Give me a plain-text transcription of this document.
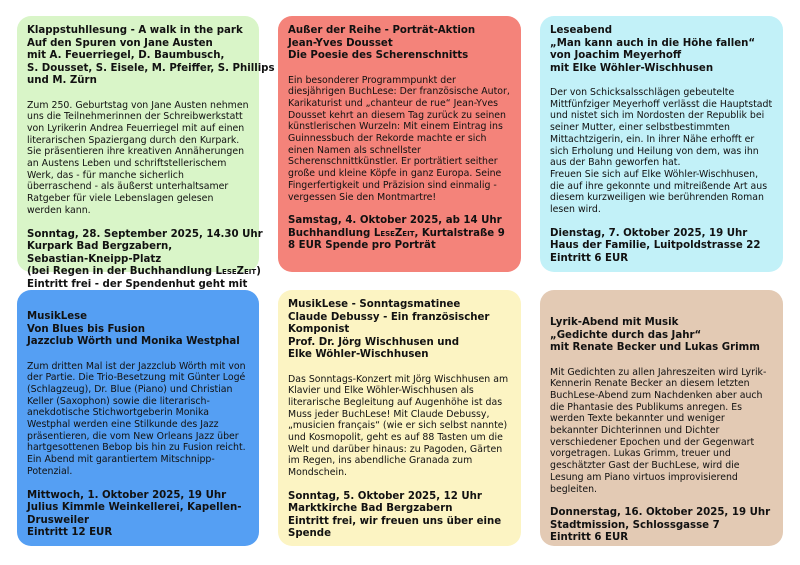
Klappstuhllesung - A walk in the park
Auf den Spuren von Jane Austen
mit A. Feuerriegel, D. Baumbusch,
S. Dousset, S. Eisele, M. Pfeiffer, S. Phillips
und M. Zürn
Zum 250. Geburtstag von Jane Austen nehmen uns die Teilnehmerinnen der Schreibwerkstatt von Lyrikerin Andrea Feuerriegel mit auf einen literarischen Spaziergang durch den Kurpark. Sie präsentieren ihre kreativen Annäherungen an Austens Leben und schriftstellerischem Werk, das - für manche sicherlich überraschend - als äußerst unterhaltsamer Ratgeber für viele Lebenslagen gelesen werden kann.
Sonntag, 28. September 2025, 14.30 Uhr
Kurpark Bad Bergzabern,
Sebastian-Kneipp-Platz
(bei Regen in der Buchhandlung LeseZeit)
Eintritt frei - der Spendenhut geht mit
Außer der Reihe - Porträt-Aktion
Jean-Yves Dousset
Die Poesie des Scherenschnitts
Ein besonderer Programmpunkt der diesjährigen BuchLese: Der französische Autor, Karikaturist und „chanteur de rue“ Jean-Yves Dousset kehrt an diesem Tag zurück zu seinen künstlerischen Wurzeln: Mit einem Eintrag ins Guinnessbuch der Rekorde machte er sich einen Namen als schnellster Scherenschnittkünstler. Er porträtiert seither große und kleine Köpfe in ganz Europa. Seine Fingerfertigkeit und Präzision sind einmalig - vergessen Sie den Montmartre!
Samstag, 4. Oktober 2025, ab 14 Uhr
Buchhandlung LeseZeit, Kurtalstraße 9
8 EUR Spende pro Porträt
Leseabend
„Man kann auch in die Höhe fallen“
von Joachim Meyerhoff
mit Elke Wöhler-Wischhusen
Der von Schicksalsschlägen gebeutelte Mittfünfziger Meyerhoff verlässt die Hauptstadt und nistet sich im Nordosten der Republik bei seiner Mutter, einer selbstbestimmten Mittachtzigerin, ein. In ihrer Nähe erhofft er sich Erholung und Heilung von dem, was ihn aus der Bahn geworfen hat.
Freuen Sie sich auf Elke Wöhler-Wischhusen, die auf ihre gekonnte und mitreißende Art aus diesem kurzweiligen wie berührenden Roman lesen wird.
Dienstag, 7. Oktober 2025, 19 Uhr
Haus der Familie, Luitpoldstrasse 22
Eintritt 6 EUR
MusikLese
Von Blues bis Fusion
Jazzclub Wörth und Monika Westphal
Zum dritten Mal ist der Jazzclub Wörth mit von der Partie. Die Trio-Besetzung mit Günter Logé (Schlagzeug), Dr. Blue (Piano) und Christian Keller (Saxophon) sowie die literarisch-anekdotische Stichwortgeberin Monika Westphal werden eine Stilkunde des Jazz präsentieren, die vom New Orleans Jazz über hartgesottenen Bebop bis hin zu Fusion reicht. Ein Abend mit garantiertem Mitschnipp-Potenzial.
Mittwoch, 1. Oktober 2025, 19 Uhr
Julius Kimmle Weinkellerei, Kapellen-
Drusweiler
Eintritt 12 EUR
MusikLese - Sonntagsmatinee
Claude Debussy - Ein französischer
Komponist
Prof. Dr. Jörg Wischhusen und
Elke Wöhler-Wischhusen
Das Sonntags-Konzert mit Jörg Wischhusen am Klavier und Elke Wöhler-Wischhusen als literarische Begleitung auf Augenhöhe ist das Muss jeder BuchLese! Mit Claude Debussy, „musicien français“ (wie er sich selbst nannte) und Kosmopolit, geht es auf 88 Tasten um die Welt und darüber hinaus: zu Pagoden, Gärten im Regen, ins abendliche Granada zum Mondschein.
Sonntag, 5. Oktober 2025, 12 Uhr
Marktkirche Bad Bergzabern
Eintritt frei, wir freuen uns über eine
Spende
Lyrik-Abend mit Musik
„Gedichte durch das Jahr“
mit Renate Becker und Lukas Grimm
Mit Gedichten zu allen Jahreszeiten wird Lyrik-Kennerin Renate Becker an diesem letzten BuchLese-Abend zum Nachdenken aber auch die Phantasie des Publikums anregen. Es werden Texte bekannter und weniger bekannter Dichterinnen und Dichter verschiedener Epochen und der Gegenwart vorgetragen. Lukas Grimm, treuer und geschätzter Gast der BuchLese, wird die Lesung am Piano virtuos improvisierend begleiten.
Donnerstag, 16. Oktober 2025, 19 Uhr
Stadtmission, Schlossgasse 7
Eintritt 6 EUR
